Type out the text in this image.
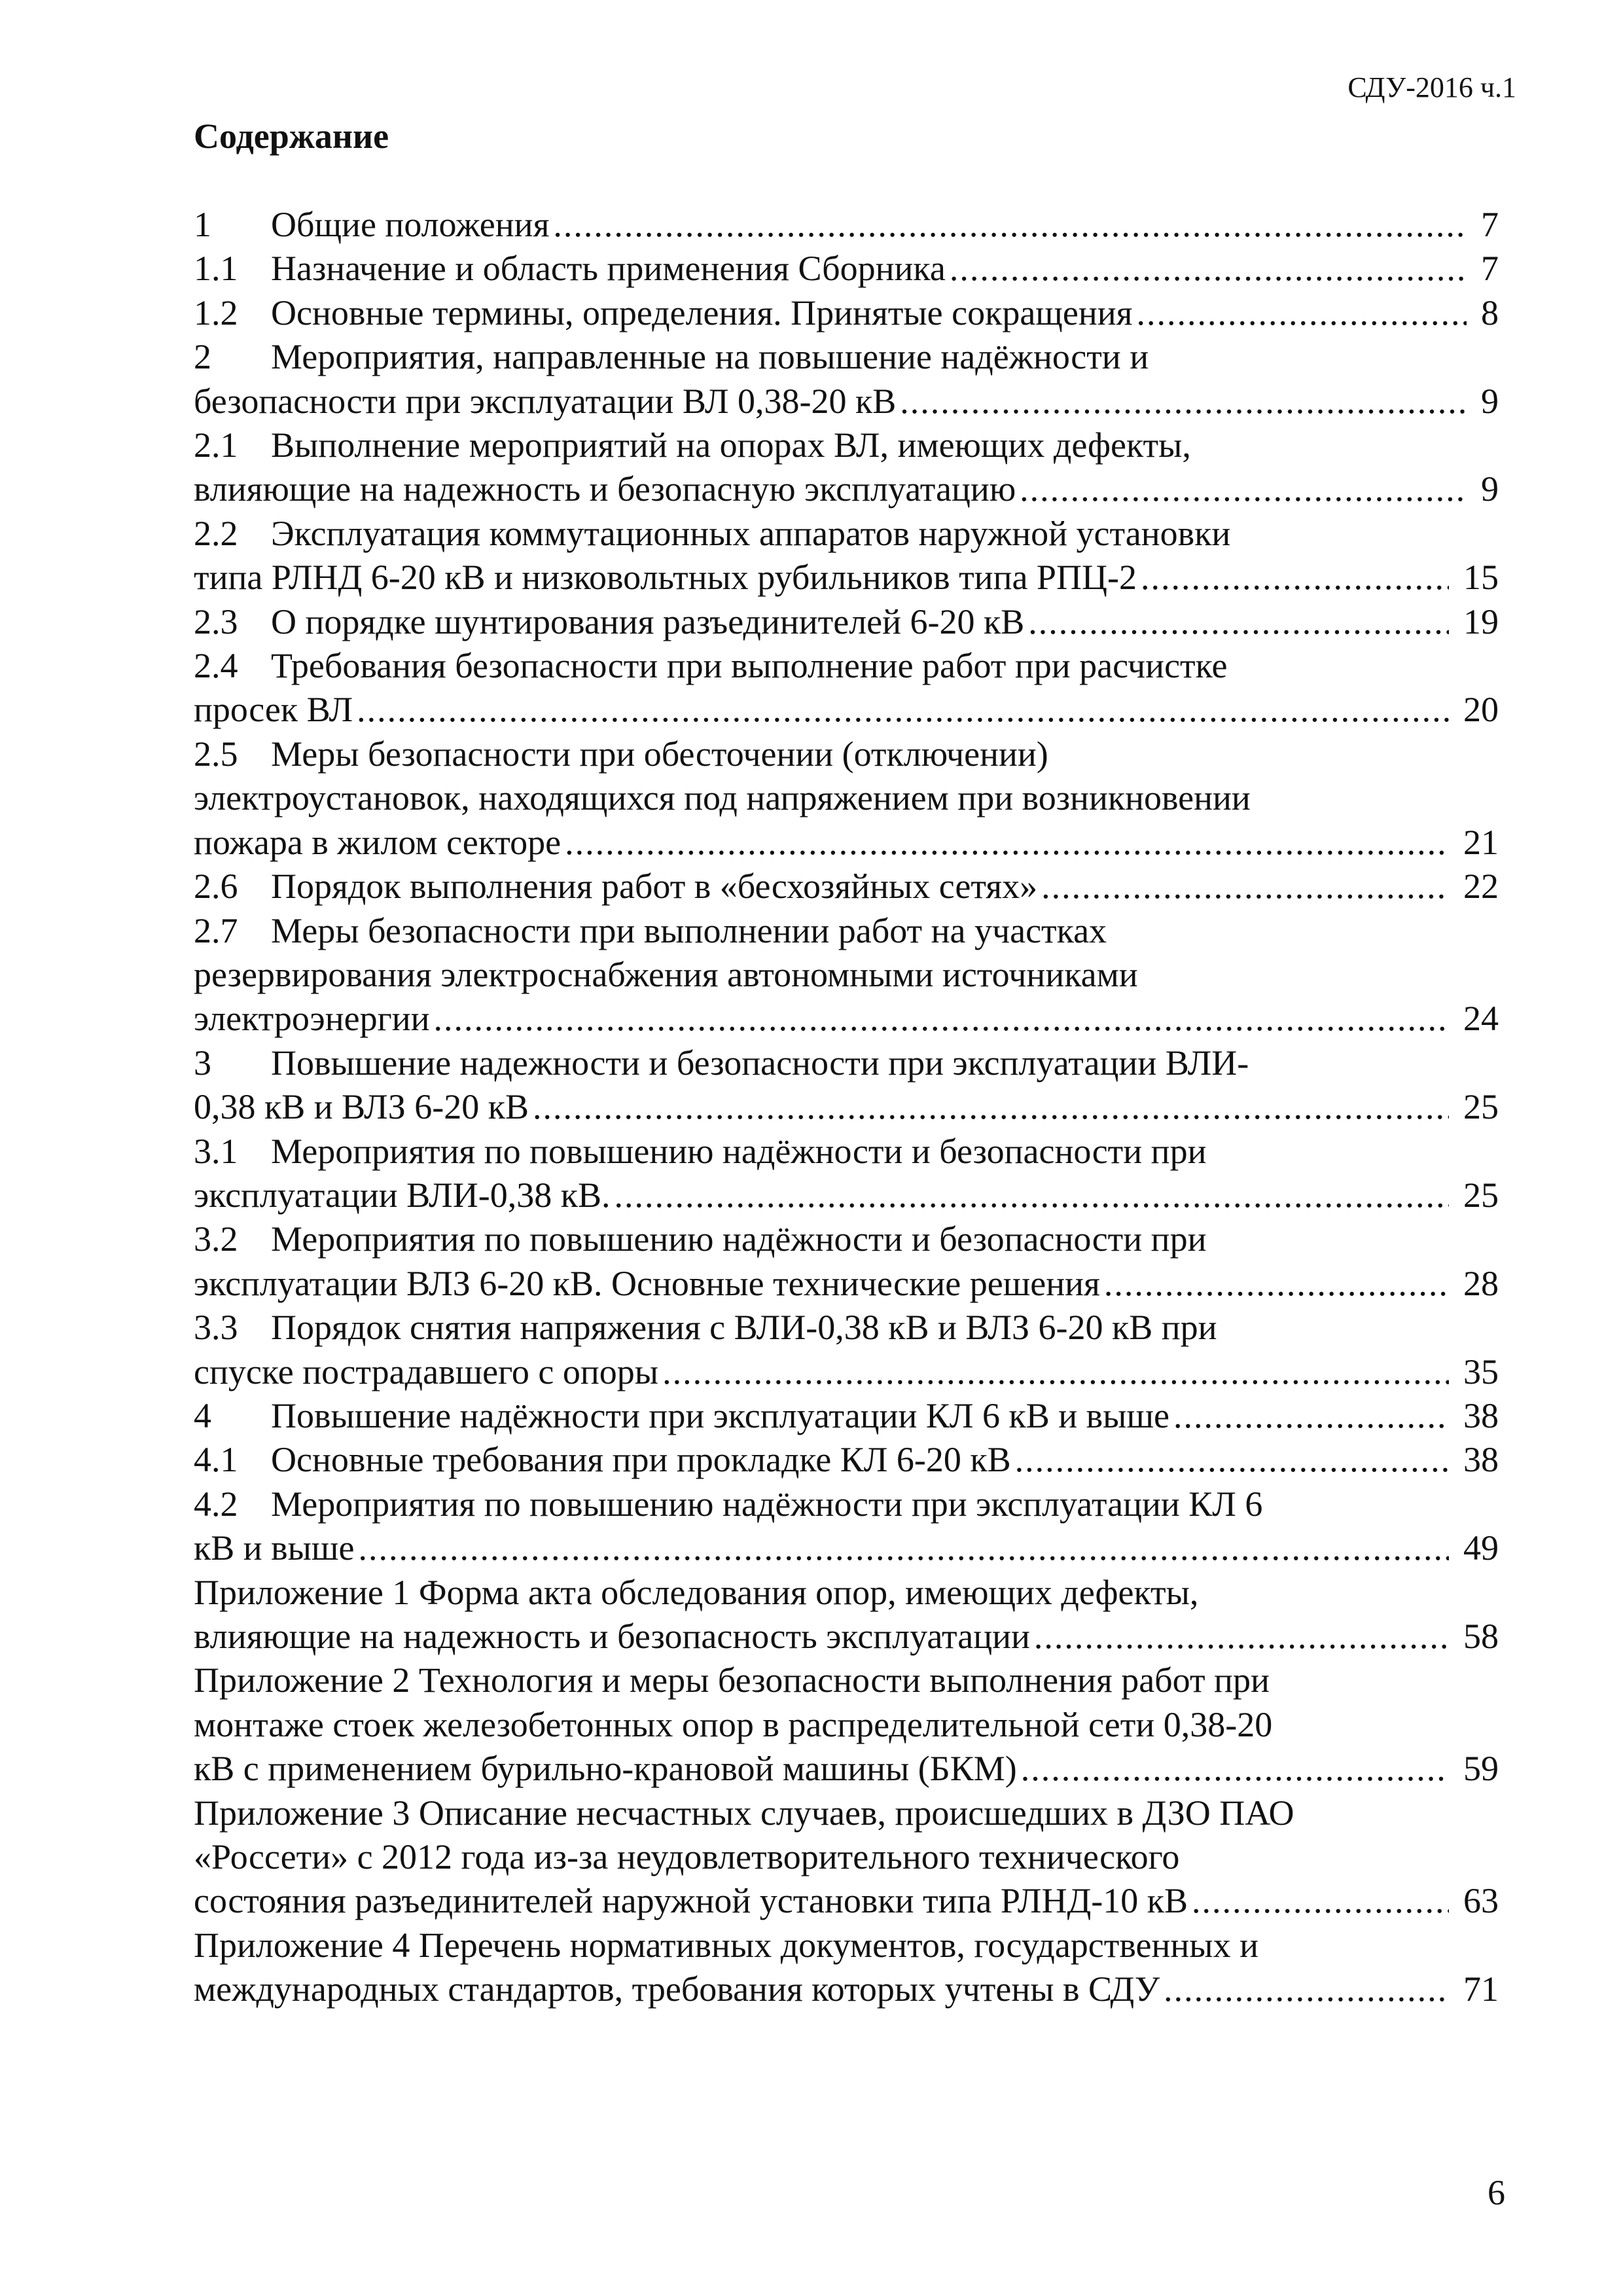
СДУ-2016 ч.1
Содержание
1	Общие положения .....	7
1.1 Назначение и область применения Сборника .....	7
1.2 Основные термины, определения. Принятые сокращения .....	8
2	Мероприятия, направленные на повышение надёжности и
безопасности при эксплуатации ВЛ 0,38-20 кВ .....	9
2.1 Выполнение мероприятий на опорах ВЛ, имеющих дефекты,
влияющие на надежность и безопасную эксплуатацию .....	9
2.2 Эксплуатация коммутационных аппаратов наружной установки
типа РЛНД 6-20 кВ и низковольтных рубильников типа РПЦ-2 .....	15
2.3 О порядке шунтирования разъединителей 6-20 кВ .....	19
2.4 Требования безопасности при выполнение работ при расчистке
просек ВЛ .....	20
2.5 Меры безопасности при обесточении (отключении)
электроустановок, находящихся под напряжением при возникновении
пожара в жилом секторе .....	21
2.6 Порядок выполнения работ в «бесхозяйных сетях» .....	22
2.7 Меры безопасности при выполнении работ на участках
резервирования электроснабжения автономными источниками
электроэнергии .....	24
3	Повышение надежности и безопасности при эксплуатации ВЛИ-
0,38 кВ и ВЛЗ 6-20 кВ .....	25
3.1 Мероприятия по повышению надёжности и безопасности при
эксплуатации ВЛИ-0,38 кВ. .....	25
3.2 Мероприятия по повышению надёжности и безопасности при
эксплуатации ВЛЗ 6-20 кВ. Основные технические решения .....	28
3.3 Порядок снятия напряжения с ВЛИ-0,38 кВ и ВЛЗ 6-20 кВ при
спуске пострадавшего с опоры .....	35
4	Повышение надёжности при эксплуатации КЛ 6 кВ и выше .....	38
4.1 Основные требования при прокладке КЛ 6-20 кВ .....	38
4.2 Мероприятия по повышению надёжности при эксплуатации КЛ 6
кВ и выше .....	49
Приложение 1 Форма акта обследования опор, имеющих дефекты,
влияющие на надежность и безопасность эксплуатации .....	58
Приложение 2 Технология и меры безопасности выполнения работ при
монтаже стоек железобетонных опор в распределительной сети 0,38-20
кВ с применением бурильно-крановой машины (БКМ) .....	59
Приложение 3 Описание несчастных случаев, происшедших в ДЗО ПАО
«Россети» с 2012 года из-за неудовлетворительного технического
состояния разъединителей наружной установки типа РЛНД-10 кВ .....	63
Приложение 4 Перечень нормативных документов, государственных и
международных стандартов, требования которых учтены в СДУ .....	71
6
